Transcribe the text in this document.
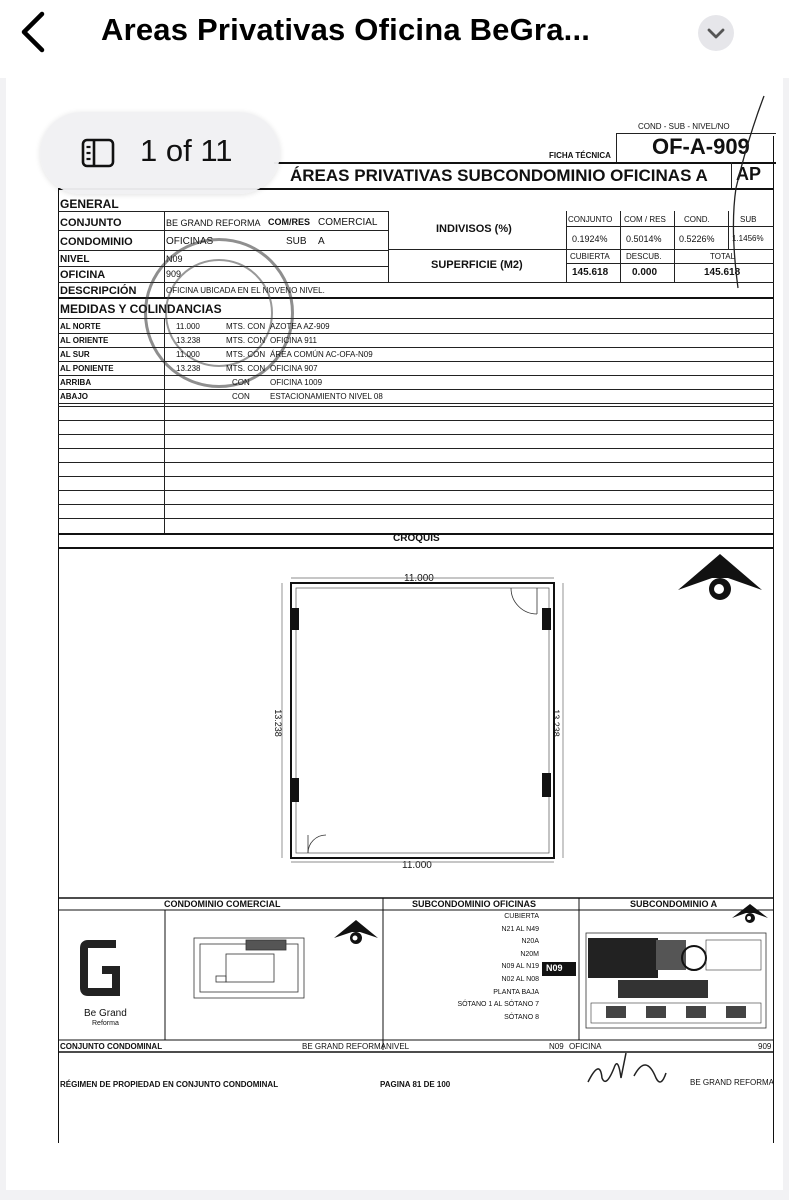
Areas Privativas Oficina BeGra...
COND - SUB - NIVEL/NO
OF-A-909
FICHA TÉCNICA
ÁREAS PRIVATIVAS SUBCONDOMINIO OFICINAS A AP
GENERAL
CONJUNTO	BE GRAND REFORMA COM/RES COMERCIAL
CONDOMINIO	OFICINAS	SUB A
NIVEL	N09
OFICINA	909
INDIVISOS (%)
SUPERFICIE (M2)
CONJUNTO COM / RES COND.	SUB
0.1924% 0.5014% 0.5226% 1.1456%
CUBIERTA DESCUB.	TOTAL
145.618 0.000	145.618
DESCRIPCIÓN	OFICINA UBICADA EN EL NOVENO NIVEL.
MEDIDAS Y COLINDANCIAS
CROQUIS
11.000
11.000
13.238	13.238
CONDOMINIO COMERCIAL	SUBCONDOMINIO OFICINAS	SUBCONDOMINIO A
N09
Be Grand
Reforma
CONJUNTO CONDOMINAL	BE GRAND REFORMA NIVEL	N09 OFICINA	909
RÉGIMEN DE PROPIEDAD EN CONJUNTO CONDOMINAL	PAGINA 81 DE 100	BE GRAND REFORMA
AL NORTE	11.000	MTS. CON AZOTEA AZ-909
AL ORIENTE	13.238	MTS. CON OFICINA 911
AL SUR	11.000	MTS. CON ÁREA COMÚN AC-OFA-N09
AL PONIENTE	13.238	MTS. CON OFICINA 907
ARRIBA	CON	OFICINA 1009
ABAJO	CON	ESTACIONAMIENTO NIVEL 08
CUBIERTA
N21 AL N49
N20A
N20M
N09 AL N19
N02 AL N08
PLANTA BAJA
SÓTANO 1 AL SÓTANO 7
SÓTANO 8
1 of 11
